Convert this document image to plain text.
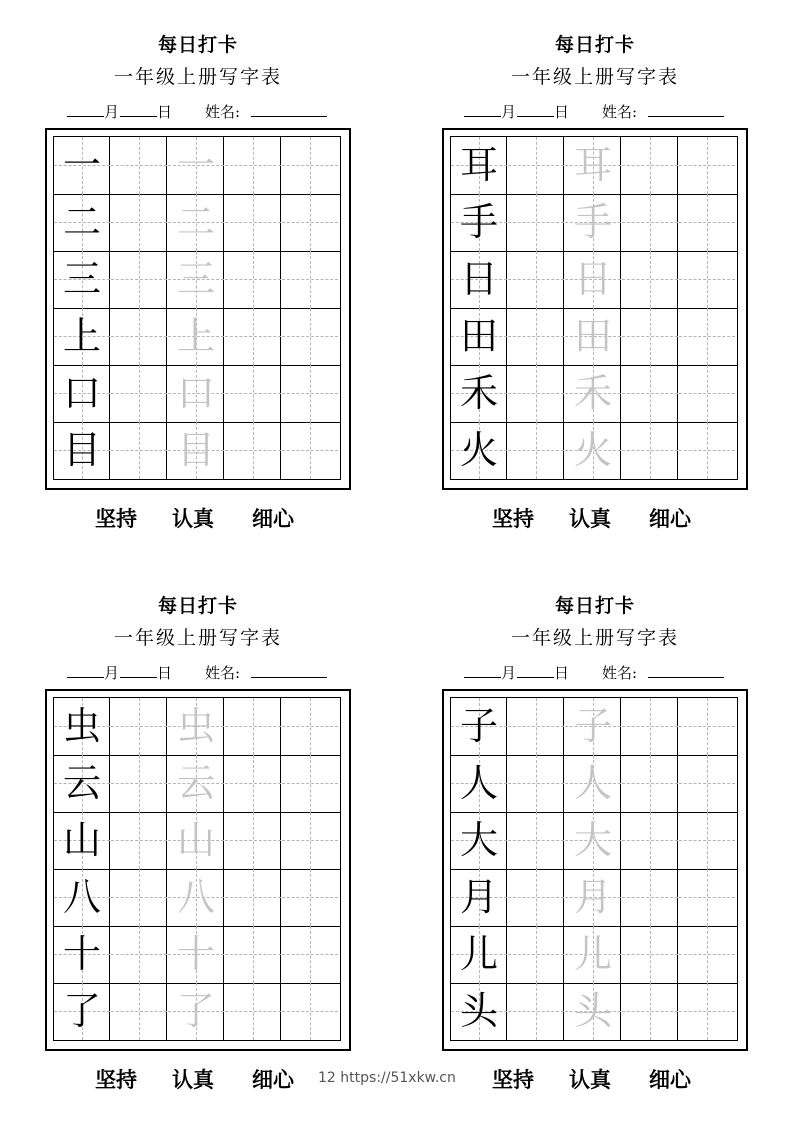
每日打卡
一年级上册写字表
月	日 姓名:
一 一
二 二
三 三
上 上
口 口
目 目
坚持 认真 细心
每日打卡
一年级上册写字表
月	日 姓名:
耳 耳
手 手
日 日
田 田
禾 禾
火 火
坚持 认真 细心
每日打卡
一年级上册写字表
月	日 姓名:
虫 虫
云 云
山 山
八 八
十 十
了 了
坚持 认真 细心
每日打卡
一年级上册写字表
月	日 姓名:
子 子
人 人
大 大
月 月
儿 儿
头 头
坚持 认真 细心
12 https://51xkw.cn
